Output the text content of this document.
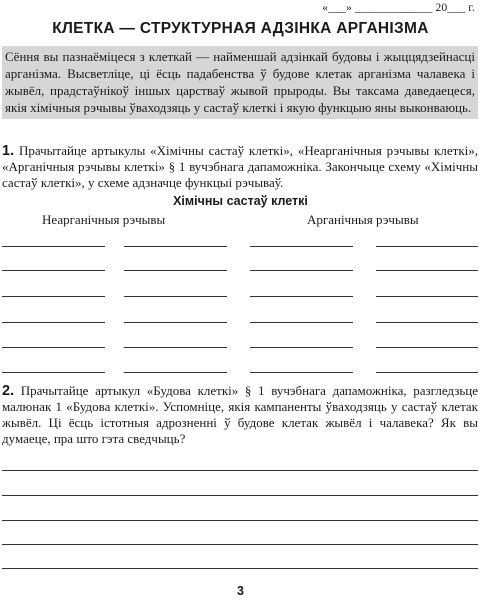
«___» _____________ 20___ г.
КЛЕТКА — СТРУКТУРНАЯ АДЗІНКА АРГАНІЗМА
Сёння вы пазнаёмiцеся з клеткай — найменшай адзiнкай будовы i жыццядзейнасцi арганiзма. Высветлiце, цi ёсць падабенства ў будове клетак арганiзма чалавека i жывёл, прадстаўнiкоў iншых царстваў жывой прыроды. Вы таксама даведаецеся, якiя хiмiчныя рэчывы ўваходзяць у састаў клеткi i якую функцыю яны выконваюць.
1. Прачытайце артыкулы «Хiмiчны састаў клеткi», «Неарганiчныя рэчывы клеткi», «Арганiчныя рэчывы клеткi» § 1 вучэбнага дапаможнiка. Закончыце схему «Хiмiчны састаў клеткi», у схеме адзначце функцыi рэчываў.
Хiмiчны састаў клеткi
Неарганiчныя рэчывы	Арганiчныя рэчывы
2. Прачытайце артыкул «Будова клеткi» § 1 вучэбнага дапаможнiка, разгледзьце малюнак 1 «Будова клеткi». Успомнiце, якiя кампаненты ўваходзяць у састаў клетак жывёл. Цi ёсць iстотныя адрозненнi ў будове клетак жывёл i чалавека? Як вы думаеце, пра што гэта сведчыць?
3
